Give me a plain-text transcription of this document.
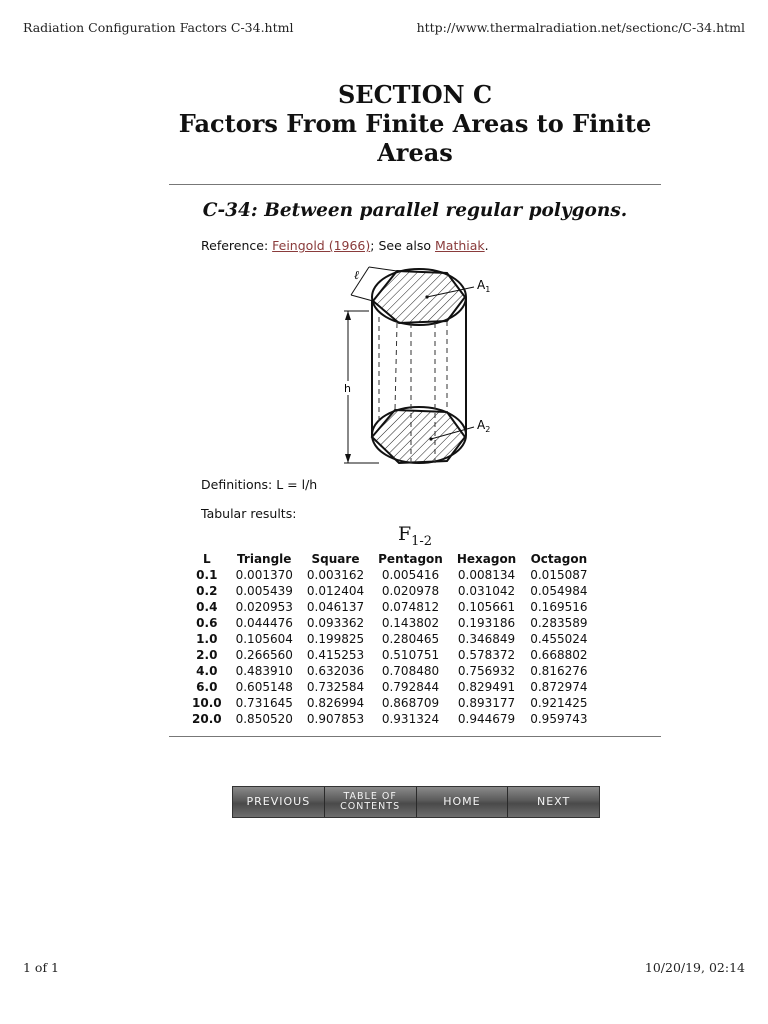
Radiation Configuration Factors C-34.html	http://www.thermalradiation.net/sectionc/C-34.html
SECTION C
Factors From Finite Areas to Finite
Areas
C-34: Between parallel regular polygons.
Reference: Feingold (1966); See also Mathiak.
ℓ
h
$A_1$
$A_2$
Definitions: L = l/h
Tabular results:
$F_{1-2}$
L	Triangle	Square	Pentagon	Hexagon	Octagon
0.1	0.001370	0.003162	0.005416	0.008134	0.015087
0.2	0.005439	0.012404	0.020978	0.031042	0.054984
0.4	0.020953	0.046137	0.074812	0.105661	0.169516
0.6	0.044476	0.093362	0.143802	0.193186	0.283589
1.0	0.105604	0.199825	0.280465	0.346849	0.455024
2.0	0.266560	0.415253	0.510751	0.578372	0.668802
4.0	0.483910	0.632036	0.708480	0.756932	0.816276
6.0	0.605148	0.732584	0.792844	0.829491	0.872974
10.0	0.731645	0.826994	0.868709	0.893177	0.921425
20.0	0.850520	0.907853	0.931324	0.944679	0.959743
PREVIOUS	TABLE OF
CONTENTS	HOME	NEXT
1 of 1	10/20/19, 02:14
